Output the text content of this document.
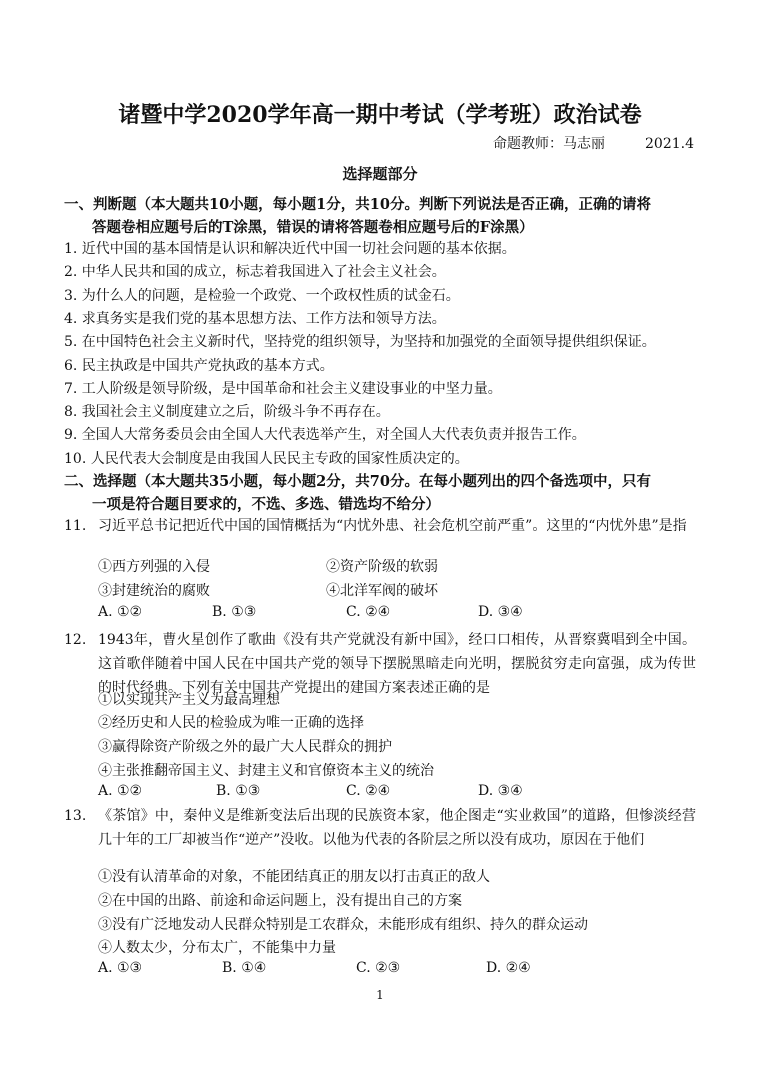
诸暨中学2020学年高一期中考试（学考班）政治试卷
命题教师：马志丽	2021.4
选择题部分
一、判断题（本大题共10小题，每小题1分，共10分。判断下列说法是否正确，正确的请将
答题卷相应题号后的T涂黑，错误的请将答题卷相应题号后的F涂黑）
1. 近代中国的基本国情是认识和解决近代中国一切社会问题的基本依据。
2. 中华人民共和国的成立，标志着我国进入了社会主义社会。
3. 为什么人的问题，是检验一个政党、一个政权性质的试金石。
4. 求真务实是我们党的基本思想方法、工作方法和领导方法。
5. 在中国特色社会主义新时代，坚持党的组织领导，为坚持和加强党的全面领导提供组织保证。
6. 民主执政是中国共产党执政的基本方式。
7. 工人阶级是领导阶级，是中国革命和社会主义建设事业的中坚力量。
8. 我国社会主义制度建立之后，阶级斗争不再存在。
9. 全国人大常务委员会由全国人大代表选举产生，对全国人大代表负责并报告工作。
10. 人民代表大会制度是由我国人民民主专政的国家性质决定的。
二、选择题（本大题共35小题，每小题2分，共70分。在每小题列出的四个备选项中，只有
一项是符合题目要求的，不选、多选、错选均不给分）
11. 习近平总书记把近代中国的国情概括为“内忧外患、社会危机空前严重”。这里的“内忧外患”是指
①西方列强的入侵	②资产阶级的软弱
③封建统治的腐败	④北洋军阀的破坏
A. ①②	B. ①③	C. ②④	D. ③④
12. 1943年，曹火星创作了歌曲《没有共产党就没有新中国》，经口口相传，从晋察冀唱到全中国。这首歌伴随着中国人民在中国共产党的领导下摆脱黑暗走向光明，摆脱贫穷走向富强，成为传世的时代经典。下列有关中国共产党提出的建国方案表述正确的是
①以实现共产主义为最高理想
②经历史和人民的检验成为唯一正确的选择
③赢得除资产阶级之外的最广大人民群众的拥护
④主张推翻帝国主义、封建主义和官僚资本主义的统治
A. ①②	B. ①③	C. ②④	D. ③④
13. 《茶馆》中，秦仲义是维新变法后出现的民族资本家，他企图走“实业救国”的道路，但惨淡经营几十年的工厂却被当作“逆产”没收。以他为代表的各阶层之所以没有成功，原因在于他们
①没有认清革命的对象，不能团结真正的朋友以打击真正的敌人
②在中国的出路、前途和命运问题上，没有提出自己的方案
③没有广泛地发动人民群众特别是工农群众，未能形成有组织、持久的群众运动
④人数太少，分布太广，不能集中力量
A. ①③	B. ①④	C. ②③	D. ②④
1
